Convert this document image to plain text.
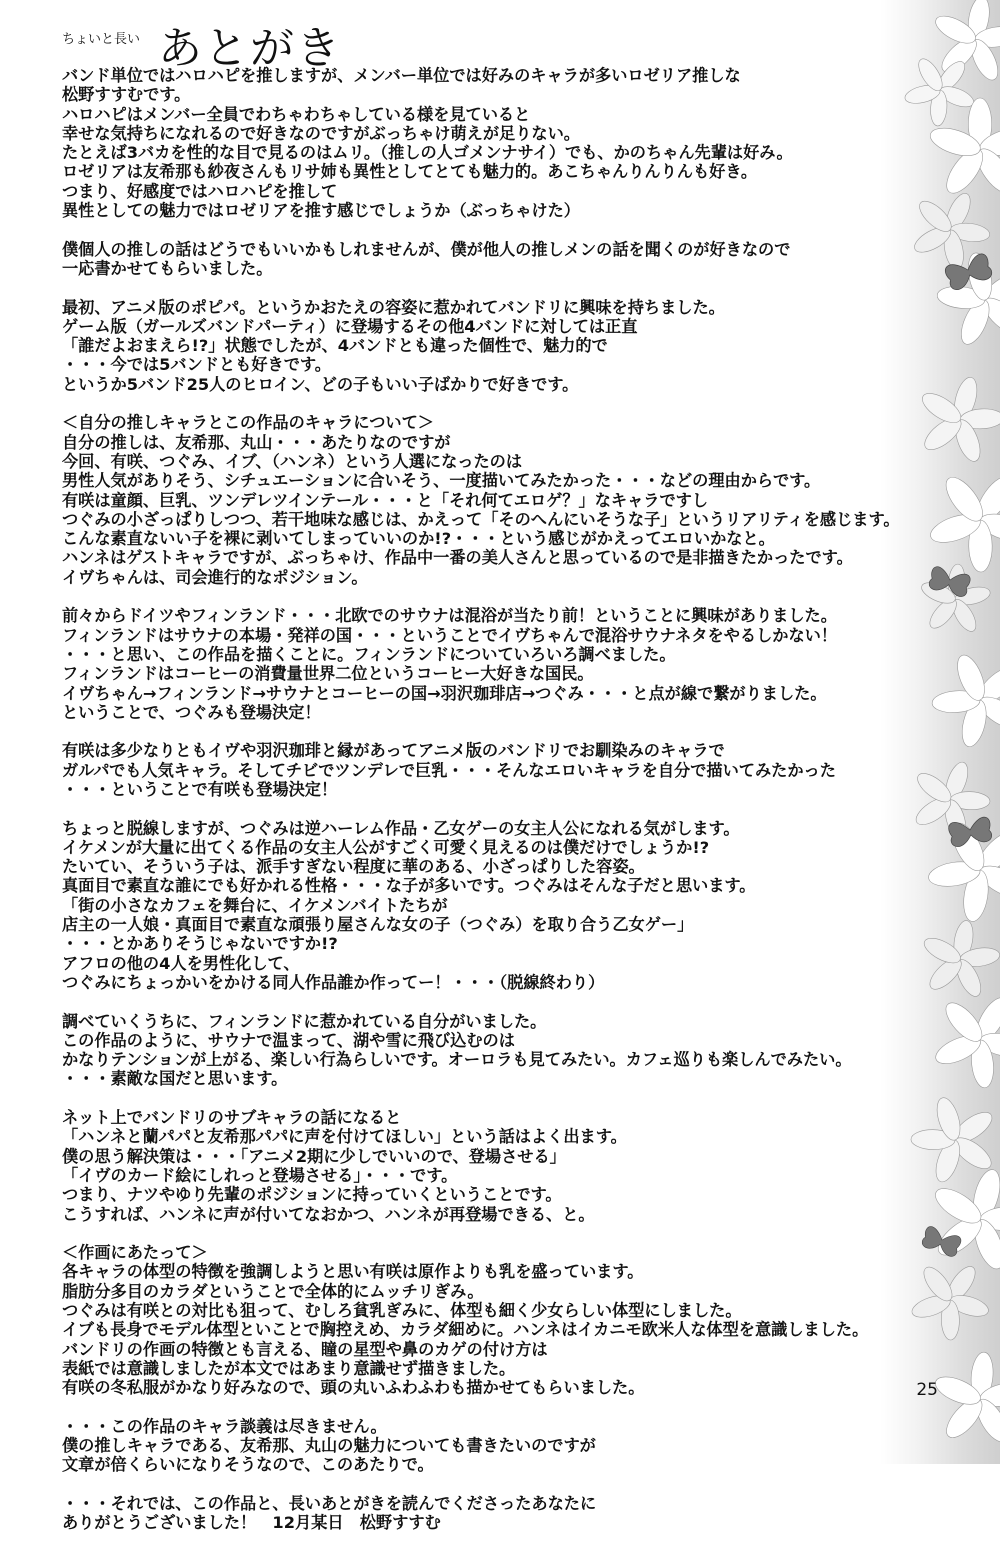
ちょいと長い あとがき
バンド単位ではハロハピを推しますが、メンバー単位では好みのキャラが多いロゼリア推しな
松野すすむです。
ハロハピはメンバー全員でわちゃわちゃしている様を見ていると
幸せな気持ちになれるので好きなのですがぶっちゃけ萌えが足りない。
たとえば3バカを性的な目で見るのはムリ。（推しの人ゴメンナサイ）でも、かのちゃん先輩は好み。
ロゼリアは友希那も紗夜さんもリサ姉も異性としてとても魅力的。あこちゃんりんりんも好き。
つまり、好感度ではハロハピを推して
異性としての魅力ではロゼリアを推す感じでしょうか（ぶっちゃけた）
僕個人の推しの話はどうでもいいかもしれませんが、僕が他人の推しメンの話を聞くのが好きなので
一応書かせてもらいました。
最初、アニメ版のポピパ。というかおたえの容姿に惹かれてバンドリに興味を持ちました。
ゲーム版（ガールズバンドパーティ）に登場するその他4バンドに対しては正直
「誰だよおまえら!?」状態でしたが、4バンドとも違った個性で、魅力的で
・・・今では5バンドとも好きです。
というか5バンド25人のヒロイン、どの子もいい子ばかりで好きです。
＜自分の推しキャラとこの作品のキャラについて＞
自分の推しは、友希那、丸山・・・あたりなのですが
今回、有咲、つぐみ、イブ、（ハンネ）という人選になったのは
男性人気がありそう、シチュエーションに合いそう、一度描いてみたかった・・・などの理由からです。
有咲は童顔、巨乳、ツンデレツインテール・・・と「それ何てエロゲ？」なキャラですし
つぐみの小ざっぱりしつつ、若干地味な感じは、かえって「そのへんにいそうな子」というリアリティを感じます。
こんな素直ないい子を裸に剥いてしまっていいのか!?・・・という感じがかえってエロいかなと。
ハンネはゲストキャラですが、ぶっちゃけ、作品中一番の美人さんと思っているので是非描きたかったです。
イヴちゃんは、司会進行的なポジション。
前々からドイツやフィンランド・・・北欧でのサウナは混浴が当たり前！ということに興味がありました。
フィンランドはサウナの本場・発祥の国・・・ということでイヴちゃんで混浴サウナネタをやるしかない！
・・・と思い、この作品を描くことに。フィンランドについていろいろ調べました。
フィンランドはコーヒーの消費量世界二位というコーヒー大好きな国民。
イヴちゃん→フィンランド→サウナとコーヒーの国→羽沢珈琲店→つぐみ・・・と点が線で繋がりました。
ということで、つぐみも登場決定！
有咲は多少なりともイヴや羽沢珈琲と縁があってアニメ版のバンドリでお馴染みのキャラで
ガルパでも人気キャラ。そしてチビでツンデレで巨乳・・・そんなエロいキャラを自分で描いてみたかった
・・・ということで有咲も登場決定！
ちょっと脱線しますが、つぐみは逆ハーレム作品・乙女ゲーの女主人公になれる気がします。
イケメンが大量に出てくる作品の女主人公がすごく可愛く見えるのは僕だけでしょうか!?
たいてい、そういう子は、派手すぎない程度に華のある、小ざっぱりした容姿。
真面目で素直な誰にでも好かれる性格・・・な子が多いです。つぐみはそんな子だと思います。
「街の小さなカフェを舞台に、イケメンバイトたちが
店主の一人娘・真面目で素直な頑張り屋さんな女の子（つぐみ）を取り合う乙女ゲー」
・・・とかありそうじゃないですか!?
アフロの他の4人を男性化して、
つぐみにちょっかいをかける同人作品誰か作ってー！・・・（脱線終わり）
調べていくうちに、フィンランドに惹かれている自分がいました。
この作品のように、サウナで温まって、湖や雪に飛び込むのは
かなりテンションが上がる、楽しい行為らしいです。オーロラも見てみたい。カフェ巡りも楽しんでみたい。
・・・素敵な国だと思います。
ネット上でバンドリのサブキャラの話になると
「ハンネと蘭パパと友希那パパに声を付けてほしい」という話はよく出ます。
僕の思う解決策は・・・「アニメ2期に少しでいいので、登場させる」
「イヴのカード絵にしれっと登場させる」・・・です。
つまり、ナツやゆり先輩のポジションに持っていくということです。
こうすれば、ハンネに声が付いてなおかつ、ハンネが再登場できる、と。
＜作画にあたって＞
各キャラの体型の特徴を強調しようと思い有咲は原作よりも乳を盛っています。
脂肪分多目のカラダということで全体的にムッチリぎみ。
つぐみは有咲との対比も狙って、むしろ貧乳ぎみに、体型も細く少女らしい体型にしました。
イブも長身でモデル体型といことで胸控えめ、カラダ細めに。ハンネはイカニモ欧米人な体型を意識しました。
バンドリの作画の特徴とも言える、瞳の星型や鼻のカゲの付け方は
表紙では意識しましたが本文ではあまり意識せず描きました。
有咲の冬私服がかなり好みなので、頭の丸いふわふわも描かせてもらいました。
・・・この作品のキャラ談義は尽きません。
僕の推しキャラである、友希那、丸山の魅力についても書きたいのですが
文章が倍くらいになりそうなので、このあたりで。
・・・それでは、この作品と、長いあとがきを読んでくださったあなたに
ありがとうございました！　12月某日　松野すすむ
25
